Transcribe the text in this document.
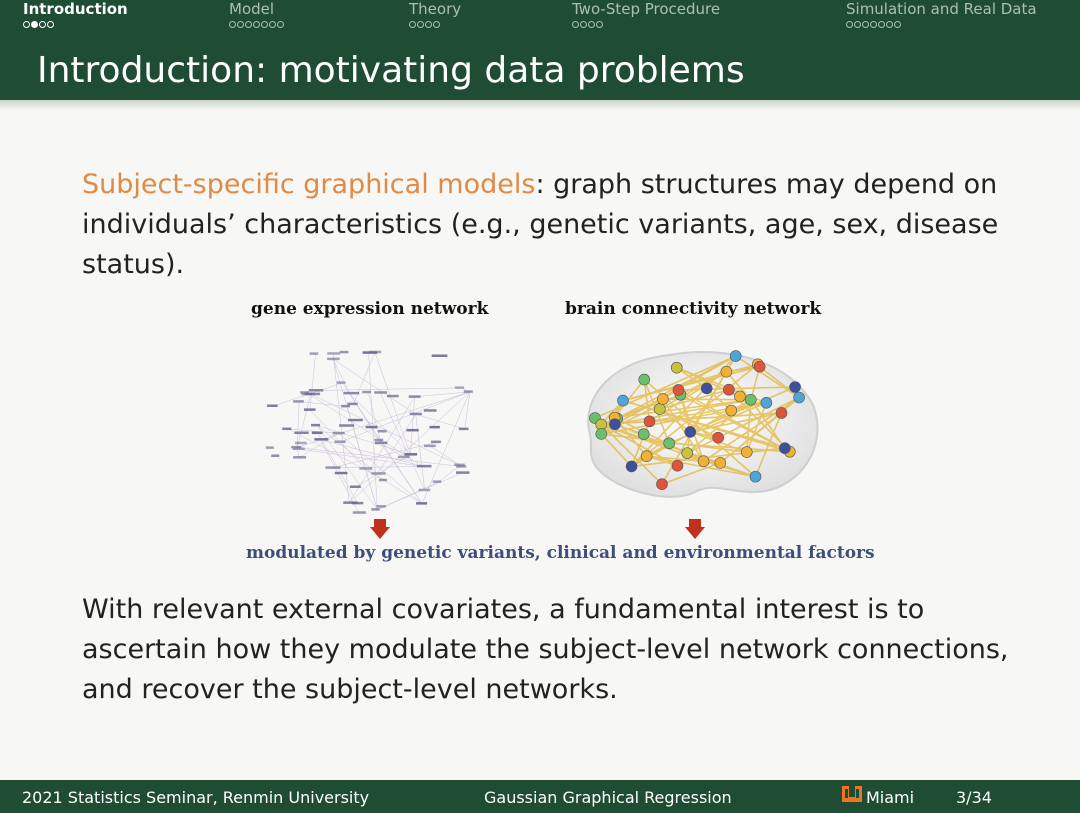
Introduction	Model	Theory	Two-Step Procedure	Simulation and Real Data
Introduction: motivating data problems
Subject-specific graphical models: graph structures may depend on individuals’ characteristics (e.g., genetic variants, age, sex, disease status).
gene expression network	brain connectivity network
modulated by genetic variants, clinical and environmental factors
With relevant external covariates, a fundamental interest is to ascertain how they modulate the subject-level network connections, and recover the subject-level networks.
2021 Statistics Seminar, Renmin University	Gaussian Graphical Regression	Miami	3/34
